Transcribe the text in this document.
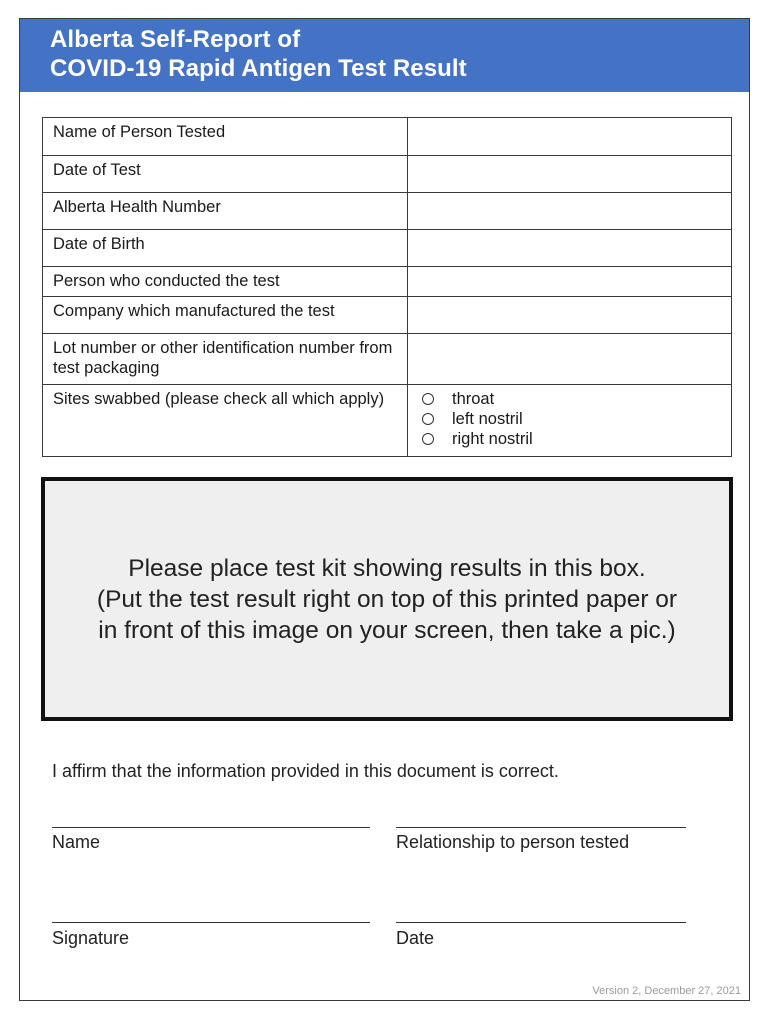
Alberta Self-Report of
COVID-19 Rapid Antigen Test Result
Name of Person Tested	
Date of Test	
Alberta Health Number	
Date of Birth	
Person who conducted the test	
Company which manufactured the test	
Lot number or other identification number from test packaging	
Sites swabbed (please check all which apply)	throat
left nostril
right nostril
Please place test kit showing results in this box.
(Put the test result right on top of this printed paper or
in front of this image on your screen, then take a pic.)
I affirm that the information provided in this document is correct.
Name	Relationship to person tested
Signature	Date
Version 2, December 27, 2021
